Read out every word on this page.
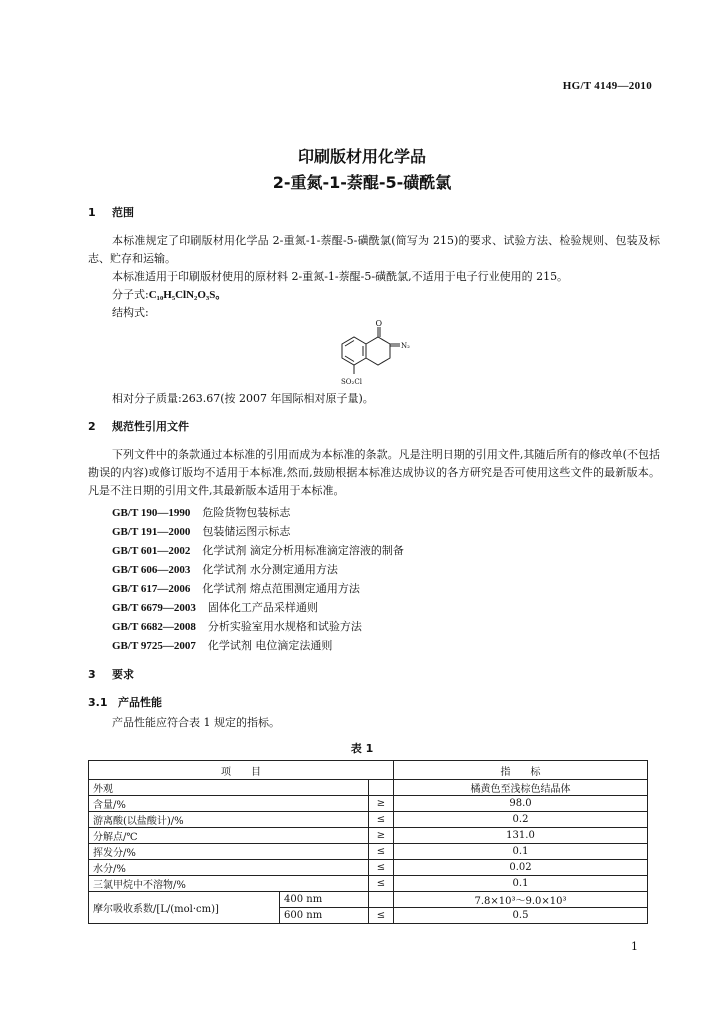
HG/T 4149—2010
印刷版材用化学品
2-重氮-1-萘醌-5-磺酰氯
1 范围
本标准规定了印刷版材用化学品 2-重氮-1-萘醌-5-磺酰氯(简写为 215)的要求、试验方法、检验规则、包装及标志、贮存和运输。
本标准适用于印刷版材使用的原材料 2-重氮-1-萘醌-5-磺酰氯,不适用于电子行业使用的 215。
分子式:C₁₀H₅ClN₂O₃S。
结构式:
O
N₂
SO₂Cl
相对分子质量:263.67(按 2007 年国际相对原子量)。
2 规范性引用文件
下列文件中的条款通过本标准的引用而成为本标准的条款。凡是注明日期的引用文件,其随后所有的修改单(不包括勘误的内容)或修订版均不适用于本标准,然而,鼓励根据本标准达成协议的各方研究是否可使用这些文件的最新版本。凡是不注日期的引用文件,其最新版本适用于本标准。
GB/T 190—1990 危险货物包装标志
GB/T 191—2000 包装储运图示标志
GB/T 601—2002 化学试剂 滴定分析用标准滴定溶液的制备
GB/T 606—2003 化学试剂 水分测定通用方法
GB/T 617—2006 化学试剂 熔点范围测定通用方法
GB/T 6679—2003 固体化工产品采样通则
GB/T 6682—2008 分析实验室用水规格和试验方法
GB/T 9725—2007 化学试剂 电位滴定法通则
3 要求
3.1 产品性能
产品性能应符合表 1 规定的指标。
表 1
项　　目			指　　标
外观			橘黄色至浅棕色结晶体
含量/%		≥	98.0
游离酸(以盐酸计)/%		≤	0.2
分解点/℃		≥	131.0
挥发分/%		≤	0.1
水分/%		≤	0.02
三氯甲烷中不溶物/%		≤	0.1
摩尔吸收系数/[L/(mol·cm)]	400 nm		7.8×10³～9.0×10³
	600 nm	≤	0.5
1
